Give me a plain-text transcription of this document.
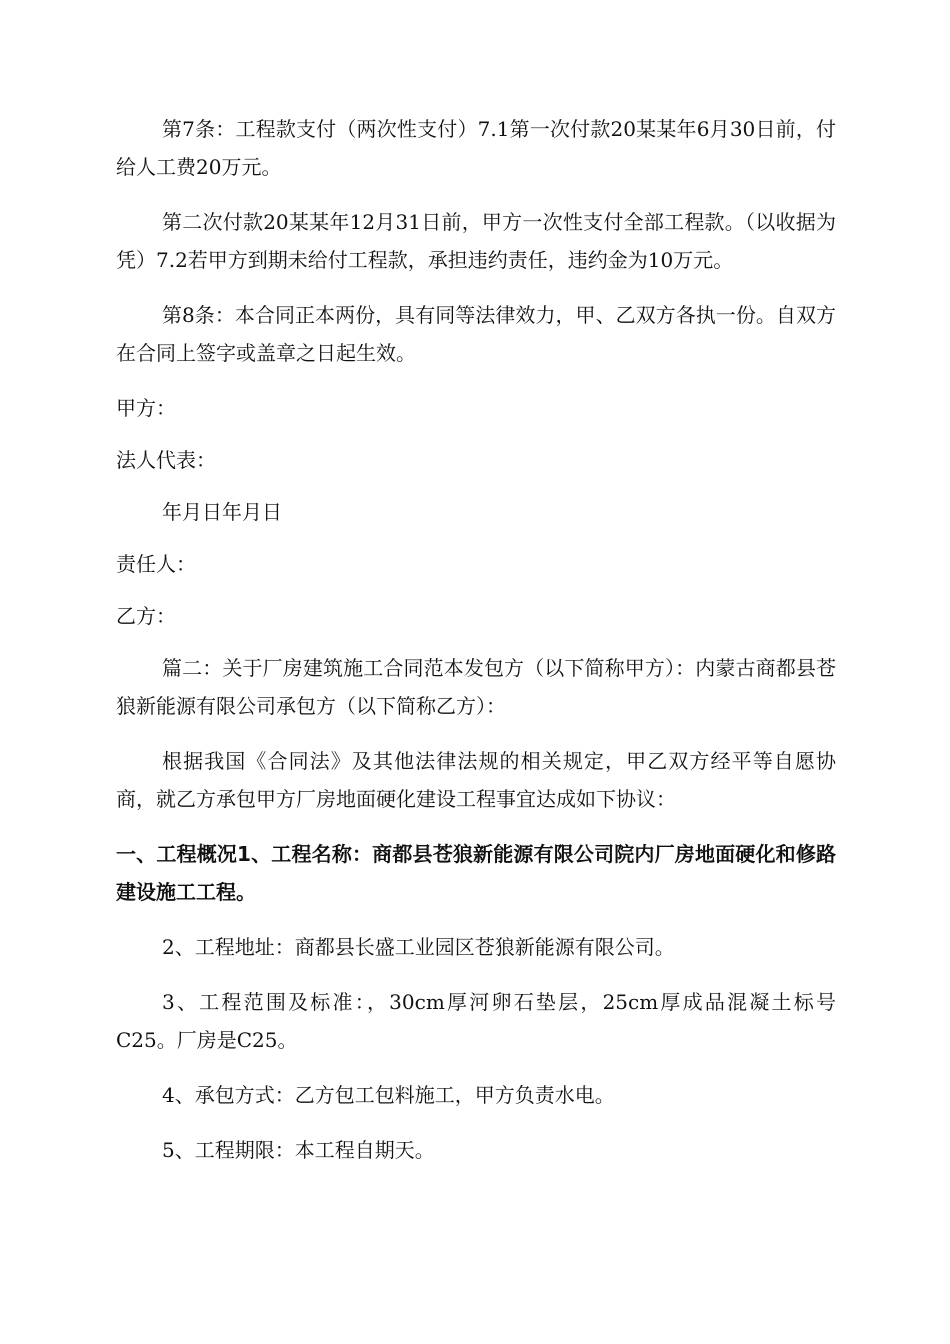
第7条：工程款支付（两次性支付）7.1第一次付款20某某年6月30日前，付给人工费20万元。

第二次付款20某某年12月31日前，甲方一次性支付全部工程款。（以收据为凭）7.2若甲方到期未给付工程款，承担违约责任，违约金为10万元。

第8条：本合同正本两份，具有同等法律效力，甲、乙双方各执一份。自双方在合同上签字或盖章之日起生效。

甲方：

法人代表：

年月日年月日

责任人：

乙方：

篇二：关于厂房建筑施工合同范本发包方（以下简称甲方）：内蒙古商都县苍狼新能源有限公司承包方（以下简称乙方）：

根据我国《合同法》及其他法律法规的相关规定，甲乙双方经平等自愿协商，就乙方承包甲方厂房地面硬化建设工程事宜达成如下协议：

一、工程概况1、工程名称：商都县苍狼新能源有限公司院内厂房地面硬化和修路建设施工工程。

2、工程地址：商都县长盛工业园区苍狼新能源有限公司。

3、工程范围及标准：，30cm厚河卵石垫层，25cm厚成品混凝土标号C25。厂房是C25。

4、承包方式：乙方包工包料施工，甲方负责水电。

5、工程期限：本工程自期天。
